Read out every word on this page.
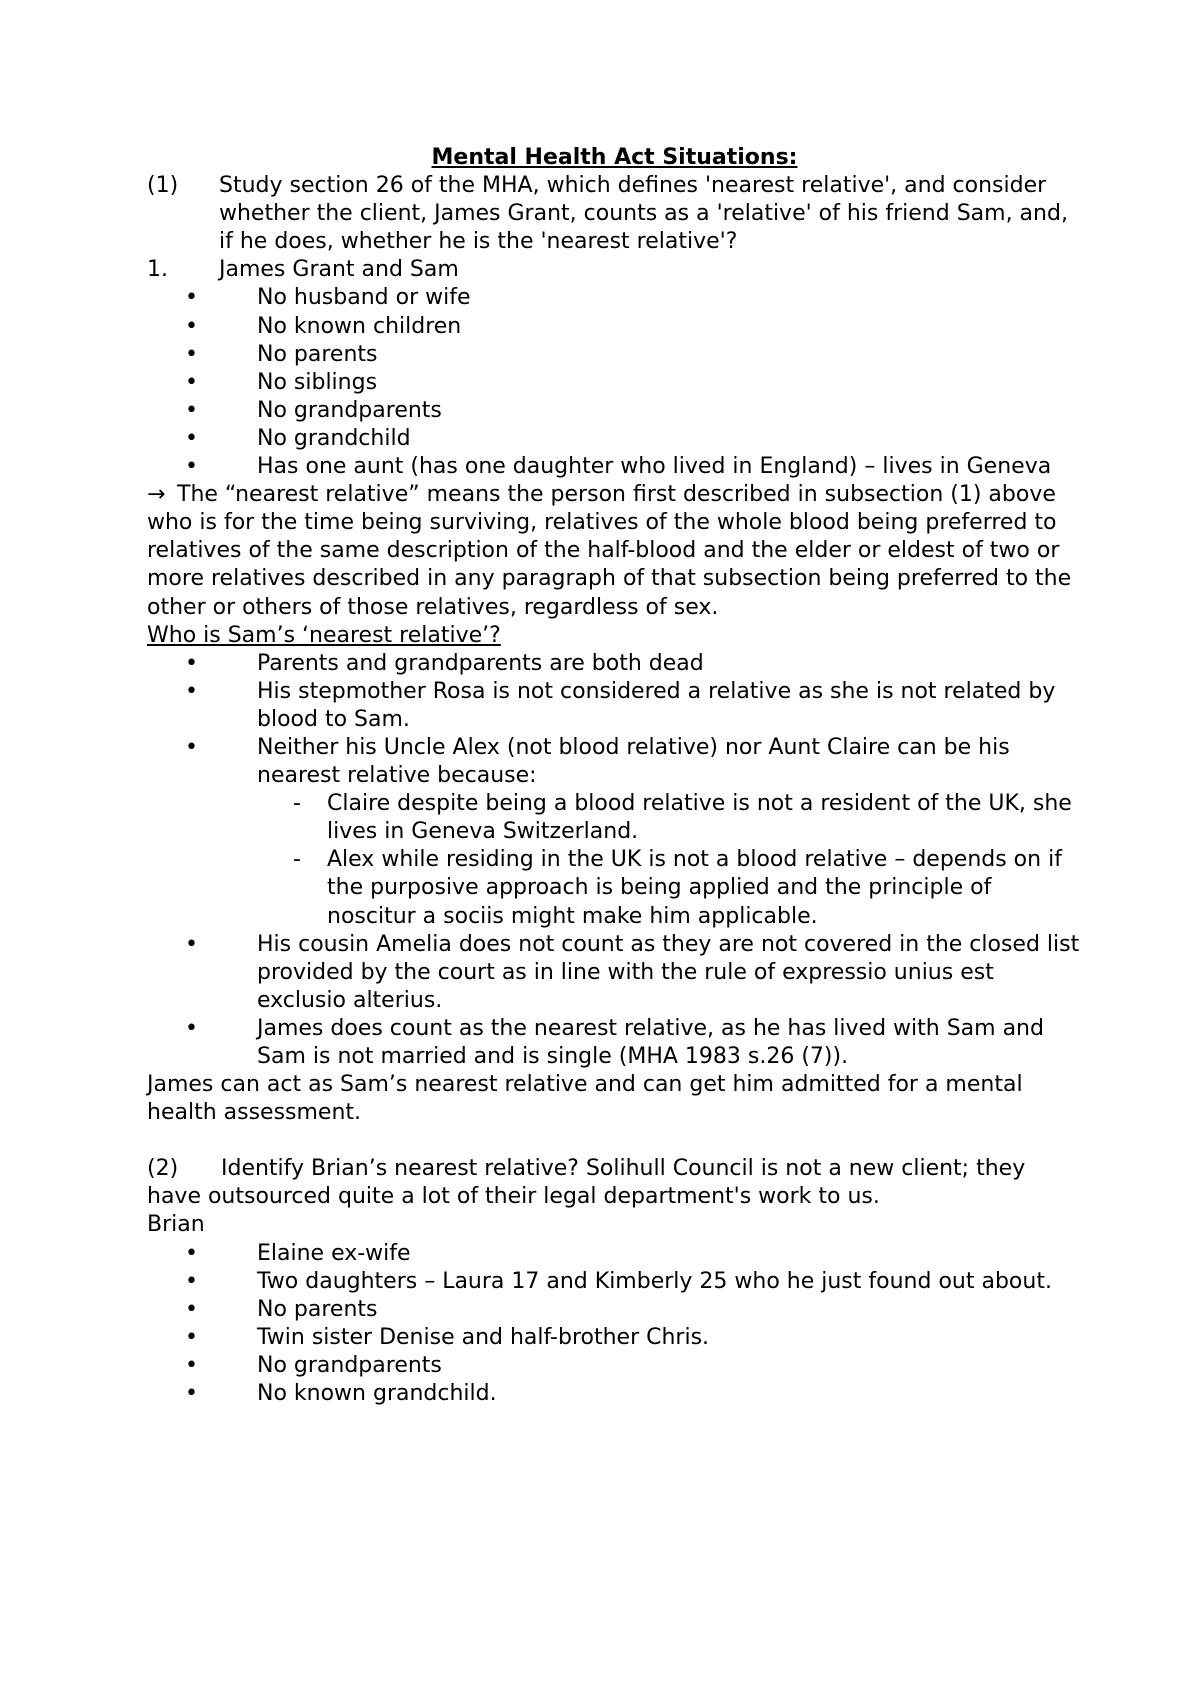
Mental Health Act Situations:

(1)	Study section 26 of the MHA, which defines 'nearest relative', and consider whether the client, James Grant, counts as a 'relative' of his friend Sam, and, if he does, whether he is the 'nearest relative'?
1.	James Grant and Sam
•	No husband or wife
•	No known children
•	No parents
•	No siblings
•	No grandparents
•	No grandchild
•	Has one aunt (has one daughter who lived in England) – lives in Geneva

→ The “nearest relative” means the person first described in subsection (1) above who is for the time being surviving, relatives of the whole blood being preferred to relatives of the same description of the half-blood and the elder or eldest of two or more relatives described in any paragraph of that subsection being preferred to the other or others of those relatives, regardless of sex.

Who is Sam’s ‘nearest relative’?

•	Parents and grandparents are both dead
•	His stepmother Rosa is not considered a relative as she is not related by blood to Sam.
•	Neither his Uncle Alex (not blood relative) nor Aunt Claire can be his nearest relative because:
-	Claire despite being a blood relative is not a resident of the UK, she lives in Geneva Switzerland.
-	Alex while residing in the UK is not a blood relative – depends on if the purposive approach is being applied and the principle of noscitur a sociis might make him applicable.
•	His cousin Amelia does not count as they are not covered in the closed list provided by the court as in line with the rule of expressio unius est exclusio alterius.
•	James does count as the nearest relative, as he has lived with Sam and Sam is not married and is single (MHA 1983 s.26 (7)).

James can act as Sam’s nearest relative and can get him admitted for a mental health assessment.

(2)	Identify Brian’s nearest relative? Solihull Council is not a new client; they have outsourced quite a lot of their legal department's work to us.

Brian

•	Elaine ex-wife
•	Two daughters – Laura 17 and Kimberly 25 who he just found out about.
•	No parents
•	Twin sister Denise and half-brother Chris.
•	No grandparents
•	No known grandchild.
